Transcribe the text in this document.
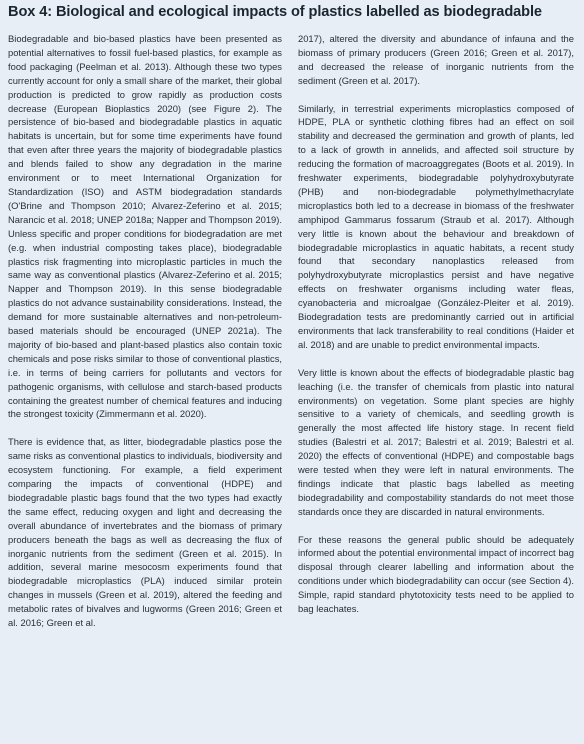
Box 4: Biological and ecological impacts of plastics labelled as biodegradable

Biodegradable and bio-based plastics have been presented as potential alternatives to fossil fuel-based plastics, for example as food packaging (Peelman et al. 2013). Although these two types currently account for only a small share of the market, their global production is predicted to grow rapidly as production costs decrease (European Bioplastics 2020) (see Figure 2). The persistence of bio-based and biodegradable plastics in aquatic habitats is uncertain, but for some time experiments have found that even after three years the majority of biodegradable plastics and blends failed to show any degradation in the marine environment or to meet International Organization for Standardization (ISO) and ASTM biodegradation standards (O'Brine and Thompson 2010; Alvarez-Zeferino et al. 2015; Narancic et al. 2018; UNEP 2018a; Napper and Thompson 2019). Unless specific and proper conditions for biodegradation are met (e.g. when industrial composting takes place), biodegradable plastics risk fragmenting into microplastic particles in much the same way as conventional plastics (Alvarez-Zeferino et al. 2015; Napper and Thompson 2019). In this sense biodegradable plastics do not advance sustainability considerations. Instead, the demand for more sustainable alternatives and non-petroleum-based materials should be encouraged (UNEP 2021a). The majority of bio-based and plant-based plastics also contain toxic chemicals and pose risks similar to those of conventional plastics, i.e. in terms of being carriers for pollutants and vectors for pathogenic organisms, with cellulose and starch-based products containing the greatest number of chemical features and inducing the strongest toxicity (Zimmermann et al. 2020).

There is evidence that, as litter, biodegradable plastics pose the same risks as conventional plastics to individuals, biodiversity and ecosystem functioning. For example, a field experiment comparing the impacts of conventional (HDPE) and biodegradable plastic bags found that the two types had exactly the same effect, reducing oxygen and light and decreasing the overall abundance of invertebrates and the biomass of primary producers beneath the bags as well as decreasing the flux of inorganic nutrients from the sediment (Green et al. 2015). In addition, several marine mesocosm experiments found that biodegradable microplastics (PLA) induced similar protein changes in mussels (Green et al. 2019), altered the feeding and metabolic rates of bivalves and lugworms (Green 2016; Green et al. 2016; Green et al.

2017), altered the diversity and abundance of infauna and the biomass of primary producers (Green 2016; Green et al. 2017), and decreased the release of inorganic nutrients from the sediment (Green et al. 2017).

Similarly, in terrestrial experiments microplastics composed of HDPE, PLA or synthetic clothing fibres had an effect on soil stability and decreased the germination and growth of plants, led to a lack of growth in annelids, and affected soil structure by reducing the formation of macroaggregates (Boots et al. 2019). In freshwater experiments, biodegradable polyhydroxybutyrate (PHB) and non-biodegradable polymethylmethacrylate microplastics both led to a decrease in biomass of the freshwater amphipod Gammarus fossarum (Straub et al. 2017). Although very little is known about the behaviour and breakdown of biodegradable microplastics in aquatic habitats, a recent study found that secondary nanoplastics released from polyhydroxybutyrate microplastics persist and have negative effects on freshwater organisms including water fleas, cyanobacteria and microalgae (González-Pleiter et al. 2019). Biodegradation tests are predominantly carried out in artificial environments that lack transferability to real conditions (Haider et al. 2018) and are unable to predict environmental impacts.

Very little is known about the effects of biodegradable plastic bag leaching (i.e. the transfer of chemicals from plastic into natural environments) on vegetation. Some plant species are highly sensitive to a variety of chemicals, and seedling growth is generally the most affected life history stage. In recent field studies (Balestri et al. 2017; Balestri et al. 2019; Balestri et al. 2020) the effects of conventional (HDPE) and compostable bags were tested when they were left in natural environments. The findings indicate that plastic bags labelled as meeting biodegradability and compostability standards do not meet those standards once they are discarded in natural environments.

For these reasons the general public should be adequately informed about the potential environmental impact of incorrect bag disposal through clearer labelling and information about the conditions under which biodegradability can occur (see Section 4). Simple, rapid standard phytotoxicity tests need to be applied to bag leachates.
